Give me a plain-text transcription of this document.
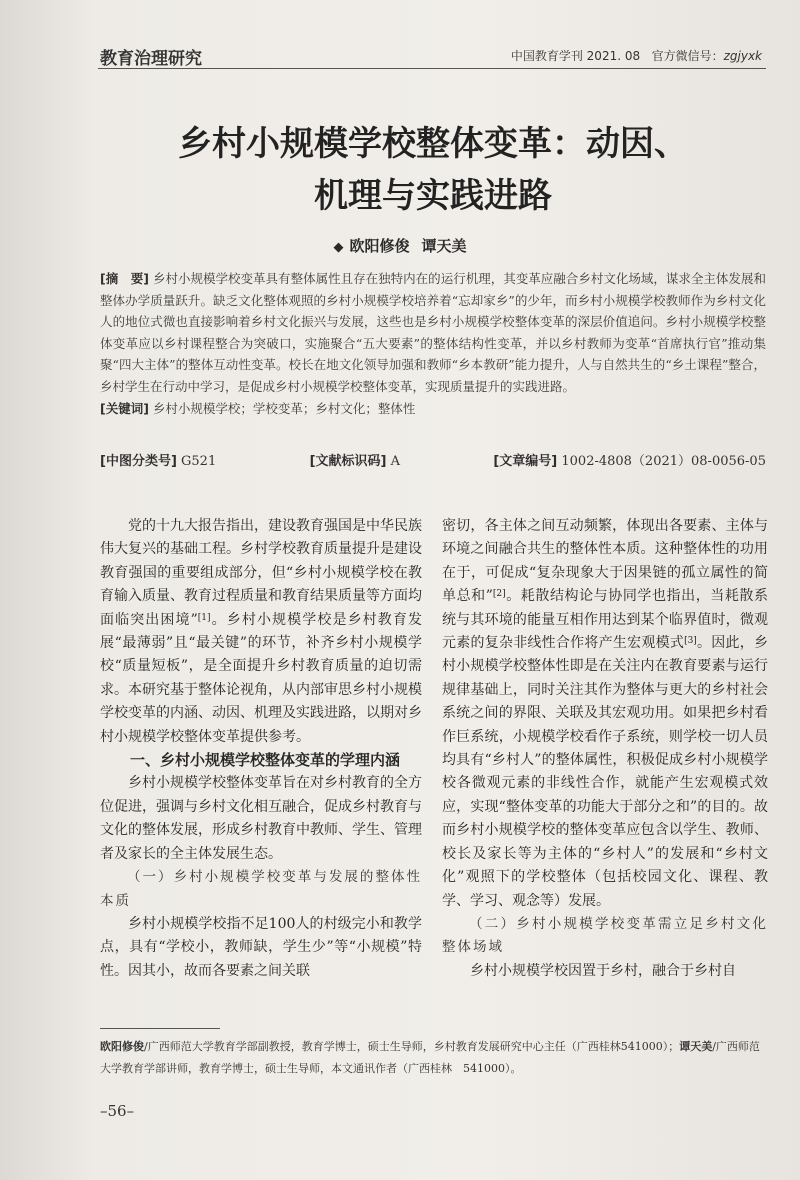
教育治理研究	中国教育学刊 2021. 08 官方微信号：zgjyxk
乡村小规模学校整体变革：动因、
机理与实践进路
◆ 欧阳修俊 谭天美
[摘　要] 乡村小规模学校变革具有整体属性且存在独特内在的运行机理，其变革应融合乡村文化场域，谋求全主体发展和整体办学质量跃升。缺乏文化整体观照的乡村小规模学校培养着“忘却家乡”的少年，而乡村小规模学校教师作为乡村文化人的地位式微也直接影响着乡村文化振兴与发展，这些也是乡村小规模学校整体变革的深层价值追问。乡村小规模学校整体变革应以乡村课程整合为突破口，实施聚合“五大要素”的整体结构性变革，并以乡村教师为变革“首席执行官”推动集聚“四大主体”的整体互动性变革。校长在地文化领导加强和教师“乡本教研”能力提升，人与自然共生的“乡土课程”整合，乡村学生在行动中学习，是促成乡村小规模学校整体变革，实现质量提升的实践进路。
[关键词] 乡村小规模学校；学校变革；乡村文化；整体性
[中图分类号] G521	[文献标识码] A	[文章编号] 1002-4808（2021）08-0056-05

党的十九大报告指出，建设教育强国是中华民族伟大复兴的基础工程。乡村学校教育质量提升是建设教育强国的重要组成部分，但“乡村小规模学校在教育输入质量、教育过程质量和教育结果质量等方面均面临突出困境”[1]。乡村小规模学校是乡村教育发展“最薄弱”且“最关键”的环节，补齐乡村小规模学校“质量短板”，是全面提升乡村教育质量的迫切需求。本研究基于整体论视角，从内部审思乡村小规模学校变革的内涵、动因、机理及实践进路，以期对乡村小规模学校整体变革提供参考。

一、乡村小规模学校整体变革的学理内涵

乡村小规模学校整体变革旨在对乡村教育的全方位促进，强调与乡村文化相互融合，促成乡村教育与文化的整体发展，形成乡村教育中教师、学生、管理者及家长的全主体发展生态。

（一）乡村小规模学校变革与发展的整体性本质

乡村小规模学校指不足100人的村级完小和教学点，具有“学校小，教师缺，学生少”等“小规模”特性。因其小，故而各要素之间关联

密切，各主体之间互动频繁，体现出各要素、主体与环境之间融合共生的整体性本质。这种整体性的功用在于，可促成“复杂现象大于因果链的孤立属性的简单总和”[2]。耗散结构论与协同学也指出，当耗散系统与其环境的能量互相作用达到某个临界值时，微观元素的复杂非线性合作将产生宏观模式[3]。因此，乡村小规模学校整体性即是在关注内在教育要素与运行规律基础上，同时关注其作为整体与更大的乡村社会系统之间的界限、关联及其宏观功用。如果把乡村看作巨系统，小规模学校看作子系统，则学校一切人员均具有“乡村人”的整体属性，积极促成乡村小规模学校各微观元素的非线性合作，就能产生宏观模式效应，实现“整体变革的功能大于部分之和”的目的。故而乡村小规模学校的整体变革应包含以学生、教师、校长及家长等为主体的“乡村人”的发展和“乡村文化”观照下的学校整体（包括校园文化、课程、教学、学习、观念等）发展。

（二）乡村小规模学校变革需立足乡村文化整体场域

乡村小规模学校因置于乡村，融合于乡村自

欧阳修俊/广西师范大学教育学部副教授，教育学博士，硕士生导师，乡村教育发展研究中心主任（广西桂林541000）；谭天美/广西师范大学教育学部讲师，教育学博士，硕士生导师，本文通讯作者（广西桂林　541000）。
–56–
